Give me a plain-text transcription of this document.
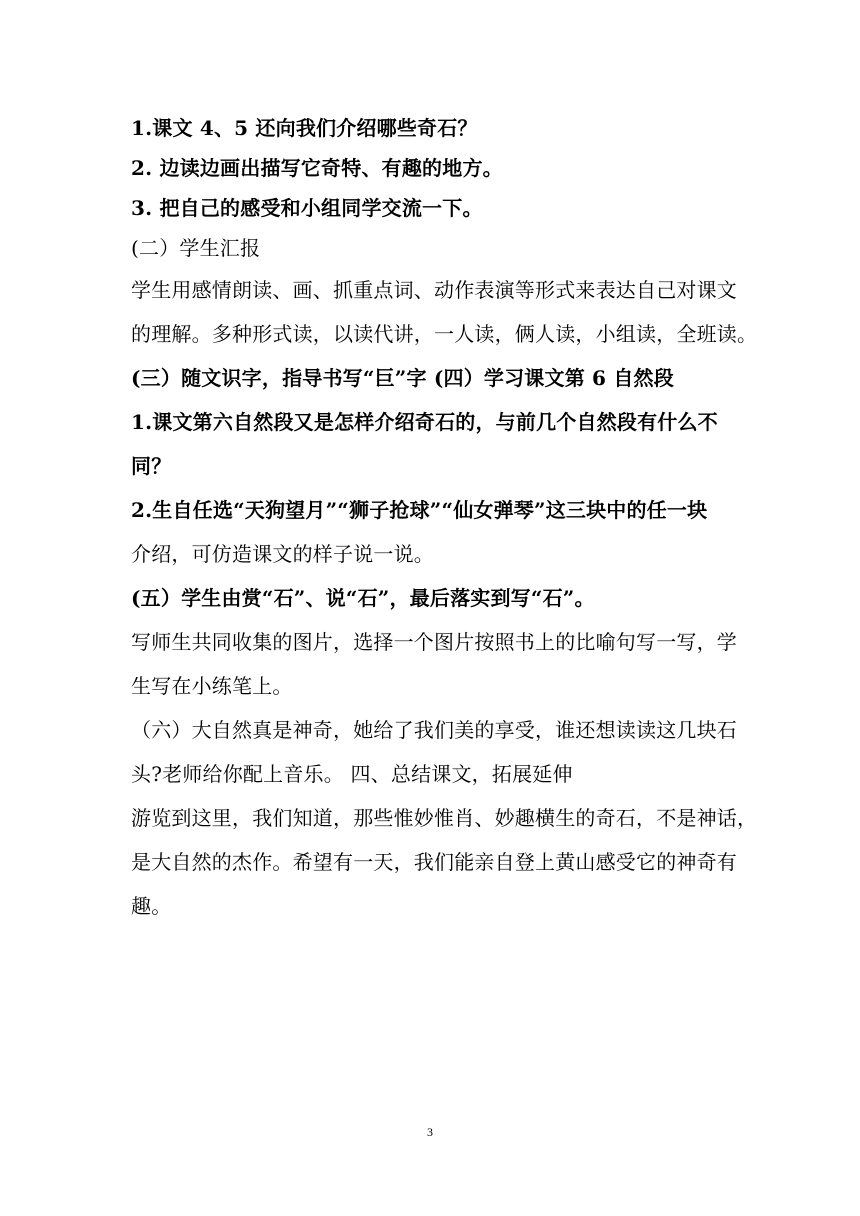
1.课文 4、5 还向我们介绍哪些奇石？

2. 边读边画出描写它奇特、有趣的地方。

3. 把自己的感受和小组同学交流一下。

(二）学生汇报

学生用感情朗读、画、抓重点词、动作表演等形式来表达自己对课文

的理解。多种形式读，以读代讲，一人读，俩人读，小组读，全班读。

(三）随文识字，指导书写“巨”字 (四）学习课文第 6 自然段

1.课文第六自然段又是怎样介绍奇石的，与前几个自然段有什么不

同？

2.生自任选“天狗望月”“狮子抢球”“仙女弹琴”这三块中的任一块

介绍，可仿造课文的样子说一说。

(五）学生由赏“石”、说“石”，最后落实到写“石”。

写师生共同收集的图片，选择一个图片按照书上的比喻句写一写，学

生写在小练笔上。

（六）大自然真是神奇，她给了我们美的享受，谁还想读读这几块石

头?老师给你配上音乐。 四、总结课文，拓展延伸

游览到这里，我们知道，那些惟妙惟肖、妙趣横生的奇石，不是神话，

是大自然的杰作。希望有一天，我们能亲自登上黄山感受它的神奇有

趣。

3
